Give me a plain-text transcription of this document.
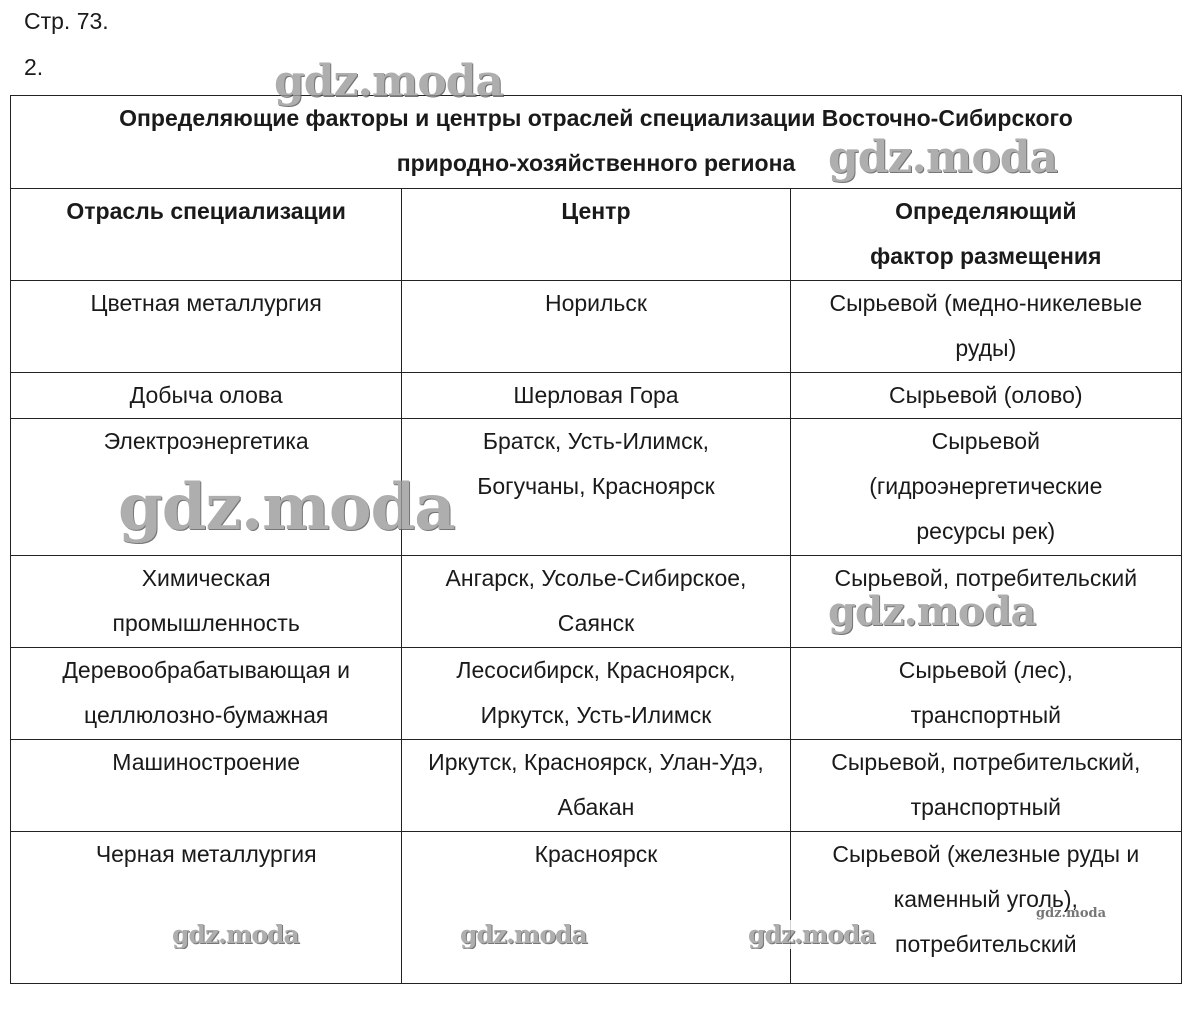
Стр. 73.
2.
Определяющие факторы и центры отраслей специализации Восточно-Сибирского
природно-хозяйственного региона		
Отрасль специализации	Центр	Определяющий фактор размещения
Цветная металлургия	Норильск	Сырьевой (медно-никелевые руды)
Добыча олова	Шерловая Гора	Сырьевой (олово)
Электроэнергетика	Братск, Усть-Илимск, Богучаны, Красноярск	Сырьевой (гидроэнергетические ресурсы рек)
Химическая промышленность	Ангарск, Усолье-Сибирское, Саянск	Сырьевой, потребительский
Деревообрабатывающая и целлюлозно-бумажная	Лесосибирск, Красноярск, Иркутск, Усть-Илимск	Сырьевой (лес), транспортный
Машиностроение	Иркутск, Красноярск, Улан-Удэ, Абакан	Сырьевой, потребительский, транспортный
Черная металлургия	Красноярск	Сырьевой (железные руды и каменный уголь), потребительский
gdz.moda
gdz.moda
gdz.moda
gdz.moda
gdz.moda	gdz.moda	gdz.moda
gdz.moda
